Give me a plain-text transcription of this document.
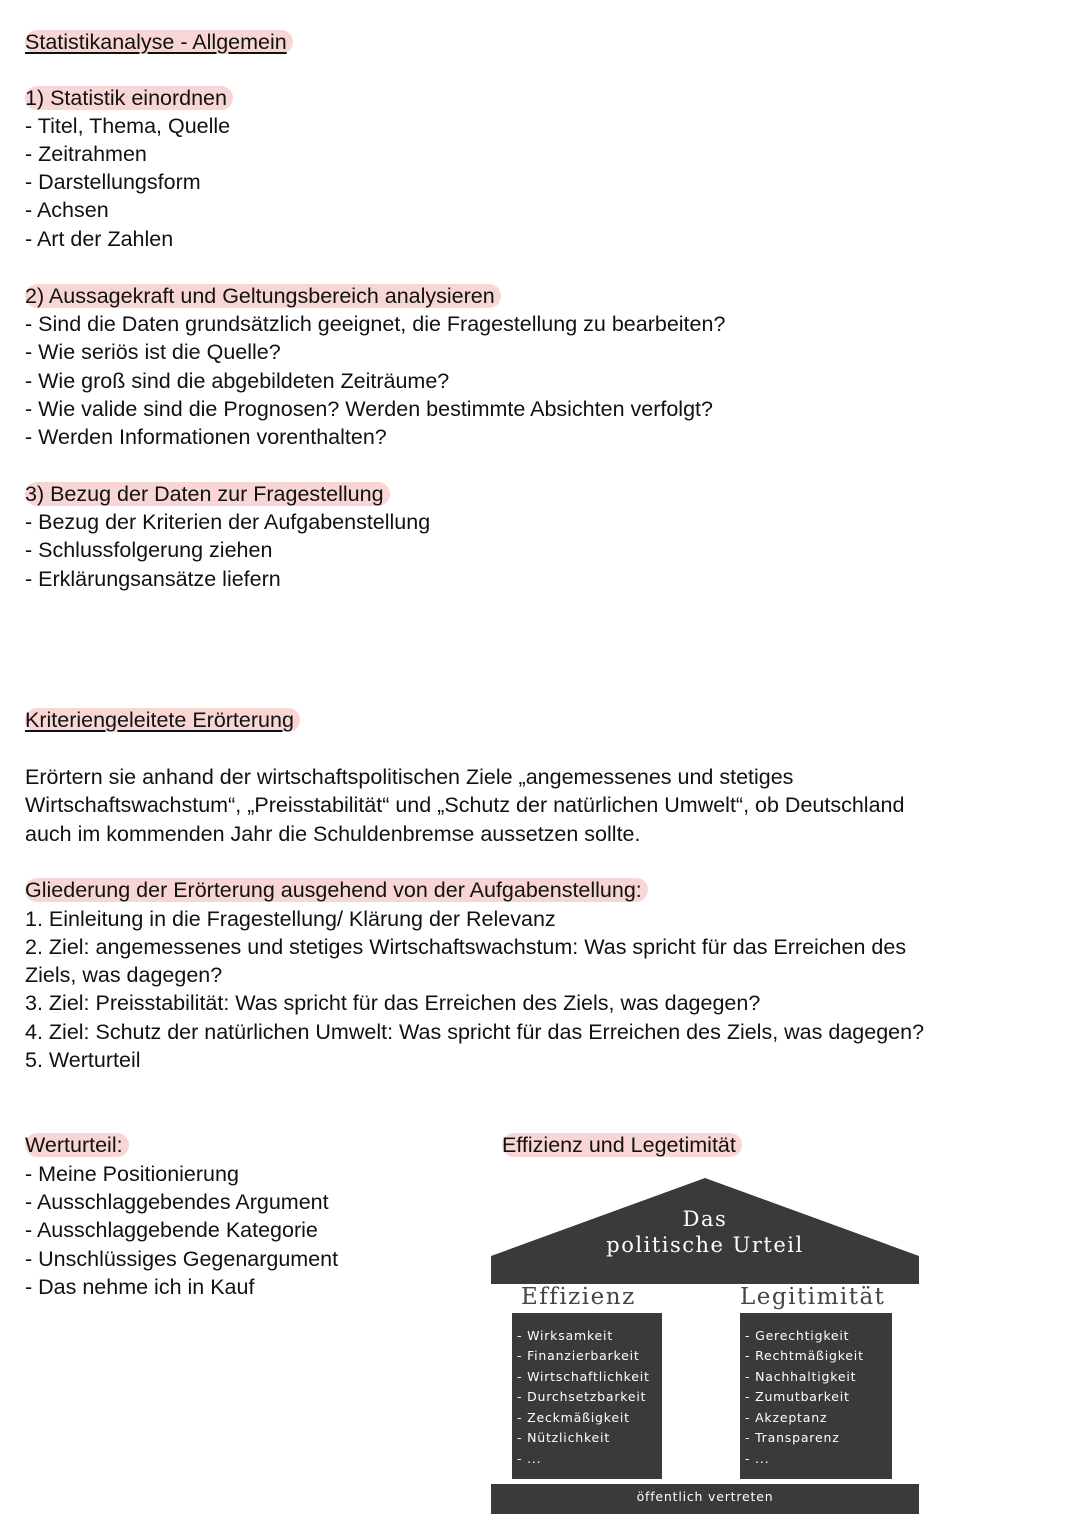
Statistikanalyse - Allgemein
1) Statistik einordnen
- Titel, Thema, Quelle
- Zeitrahmen
- Darstellungsform
- Achsen
- Art der Zahlen
2) Aussagekraft und Geltungsbereich analysieren
- Sind die Daten grundsätzlich geeignet, die Fragestellung zu bearbeiten?
- Wie seriös ist die Quelle?
- Wie groß sind die abgebildeten Zeiträume?
- Wie valide sind die Prognosen? Werden bestimmte Absichten verfolgt?
- Werden Informationen vorenthalten?
3) Bezug der Daten zur Fragestellung
- Bezug der Kriterien der Aufgabenstellung
- Schlussfolgerung ziehen
- Erklärungsansätze liefern
Kriteriengeleitete Erörterung
Erörtern sie anhand der wirtschaftspolitischen Ziele „angemessenes und stetiges
Wirtschaftswachstum“, „Preisstabilität“ und „Schutz der natürlichen Umwelt“, ob Deutschland
auch im kommenden Jahr die Schuldenbremse aussetzen sollte.
Gliederung der Erörterung ausgehend von der Aufgabenstellung:
1. Einleitung in die Fragestellung/ Klärung der Relevanz
2. Ziel: angemessenes und stetiges Wirtschaftswachstum: Was spricht für das Erreichen des
Ziels, was dagegen?
3. Ziel: Preisstabilität: Was spricht für das Erreichen des Ziels, was dagegen?
4. Ziel: Schutz der natürlichen Umwelt: Was spricht für das Erreichen des Ziels, was dagegen?
5. Werturteil
Werturteil:
- Meine Positionierung
- Ausschlaggebendes Argument
- Ausschlaggebende Kategorie
- Unschlüssiges Gegenargument
- Das nehme ich in Kauf
Effizienz und Legetimität
Das
politische Urteil
Effizienz	Legitimität
- Wirksamkeit
- Finanzierbarkeit
- Wirtschaftlichkeit
- Durchsetzbarkeit
- Zeckmäßigkeit
- Nützlichkeit
- ...
- Gerechtigkeit
- Rechtmäßigkeit
- Nachhaltigkeit
- Zumutbarkeit
- Akzeptanz
- Transparenz
- ...
öffentlich vertreten
